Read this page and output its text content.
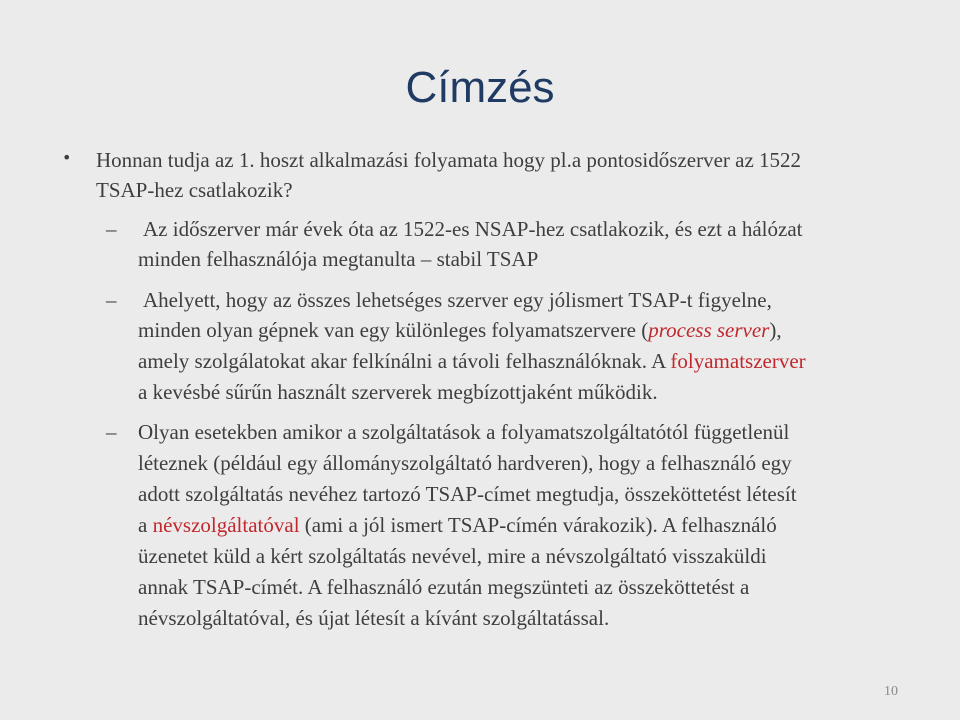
Címzés
• Honnan tudja az 1. hoszt alkalmazási folyamata hogy pl.a pontosidőszerver az 1522
TSAP-hez csatlakozik?
– Az időszerver már évek óta az 1522-es NSAP-hez csatlakozik, és ezt a hálózat
minden felhasználója megtanulta – stabil TSAP
– Ahelyett, hogy az összes lehetséges szerver egy jólismert TSAP-t figyelne,
minden olyan gépnek van egy különleges folyamatszervere (process server),
amely szolgálatokat akar felkínálni a távoli felhasználóknak. A folyamatszerver
a kevésbé sűrűn használt szerverek megbízottjaként működik.
– Olyan esetekben amikor a szolgáltatások a folyamatszolgáltatótól függetlenül
léteznek (például egy állományszolgáltató hardveren), hogy a felhasználó egy
adott szolgáltatás nevéhez tartozó TSAP-címet megtudja, összeköttetést létesít
a névszolgáltatóval (ami a jól ismert TSAP-címén várakozik). A felhasználó
üzenetet küld a kért szolgáltatás nevével, mire a névszolgáltató visszaküldi
annak TSAP-címét. A felhasználó ezután megszünteti az összeköttetést a
névszolgáltatóval, és újat létesít a kívánt szolgáltatással.
10
